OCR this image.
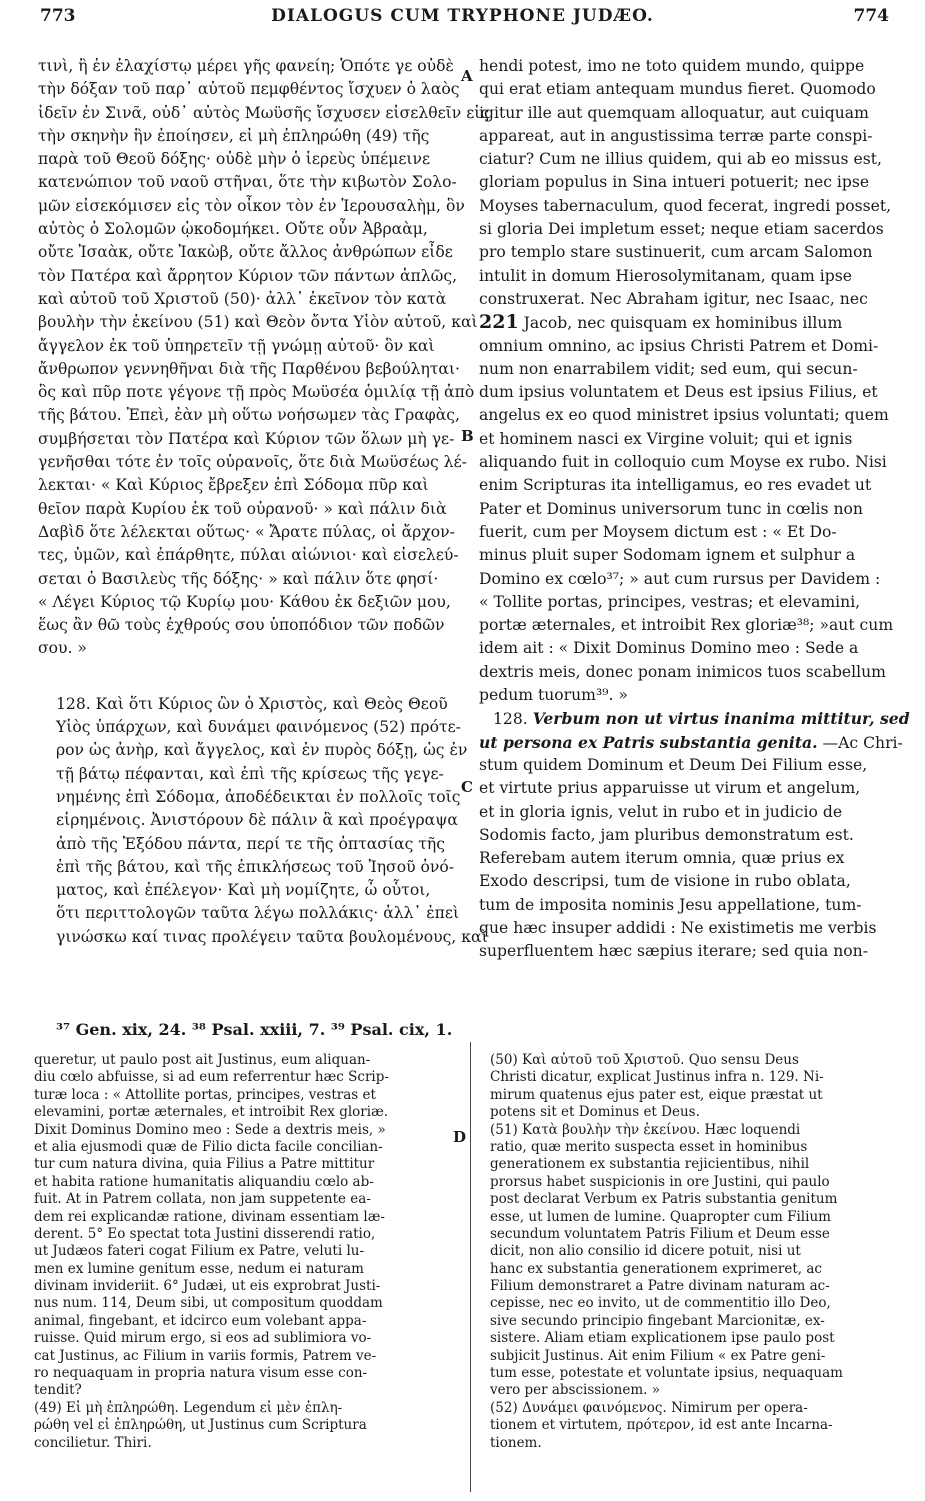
773	DIALOGUS CUM TRYPHONE JUDÆO.	774
A
B
C
D
τινὶ, ἢ ἐν ἐλαχίστῳ μέρει γῆς φανείη; Ὁπότε γε οὐδὲ
τὴν δόξαν τοῦ παρ᾽ αὐτοῦ πεμφθέντος ἴσχυεν ὁ λαὸς
ἰδεῖν ἐν Σινᾶ, οὐδ᾽ αὐτὸς Μωϋσῆς ἴσχυσεν εἰσελθεῖν εἰς
τὴν σκηνὴν ἣν ἐποίησεν, εἰ μὴ ἐπληρώθη (49) τῆς
παρὰ τοῦ Θεοῦ δόξης· οὐδὲ μὴν ὁ ἱερεὺς ὑπέμεινε
κατενώπιον τοῦ ναοῦ στῆναι, ὅτε τὴν κιβωτὸν Σολο-
μῶν εἰσεκόμισεν εἰς τὸν οἶκον τὸν ἐν Ἱερουσαλὴμ, ὃν
αὐτὸς ὁ Σολομῶν ᾠκοδομήκει. Οὔτε οὖν Ἀβραὰμ,
οὔτε Ἰσαὰκ, οὔτε Ἰακὼβ, οὔτε ἄλλος ἀνθρώπων εἶδε
τὸν Πατέρα καὶ ἄρρητον Κύριον τῶν πάντων ἁπλῶς,
καὶ αὐτοῦ τοῦ Χριστοῦ (50)· ἀλλ᾽ ἐκεῖνον τὸν κατὰ
βουλὴν τὴν ἐκείνου (51) καὶ Θεὸν ὄντα Υἱὸν αὐτοῦ, καὶ
ἄγγελον ἐκ τοῦ ὑπηρετεῖν τῇ γνώμῃ αὐτοῦ· ὃν καὶ
ἄνθρωπον γεννηθῆναι διὰ τῆς Παρθένου βεβούληται·
ὃς καὶ πῦρ ποτε γέγονε τῇ πρὸς Μωϋσέα ὁμιλίᾳ τῇ ἀπὸ
τῆς βάτου. Ἐπεὶ, ἐὰν μὴ οὕτω νοήσωμεν τὰς Γραφὰς,
συμβήσεται τὸν Πατέρα καὶ Κύριον τῶν ὅλων μὴ γε-
γενῆσθαι τότε ἐν τοῖς οὐρανοῖς, ὅτε διὰ Μωϋσέως λέ-
λεκται· « Καὶ Κύριος ἔβρεξεν ἐπὶ Σόδομα πῦρ καὶ
θεῖον παρὰ Κυρίου ἐκ τοῦ οὐρανοῦ· » καὶ πάλιν διὰ
Δαβὶδ ὅτε λέλεκται οὕτως· « Ἄρατε πύλας, οἱ ἄρχον-
τες, ὑμῶν, καὶ ἐπάρθητε, πύλαι αἰώνιοι· καὶ εἰσελεύ-
σεται ὁ Βασιλεὺς τῆς δόξης· » καὶ πάλιν ὅτε φησί·
« Λέγει Κύριος τῷ Κυρίῳ μου· Κάθου ἐκ δεξιῶν μου,
ἕως ἂν θῶ τοὺς ἐχθρούς σου ὑποπόδιον τῶν ποδῶν
σου. »
128. Καὶ ὅτι Κύριος ὢν ὁ Χριστὸς, καὶ Θεὸς Θεοῦ
Υἱὸς ὑπάρχων, καὶ δυνάμει φαινόμενος (52) πρότε-
ρον ὡς ἀνὴρ, καὶ ἄγγελος, καὶ ἐν πυρὸς δόξῃ, ὡς ἐν
τῇ βάτῳ πέφανται, καὶ ἐπὶ τῆς κρίσεως τῆς γεγε-
νημένης ἐπὶ Σόδομα, ἀποδέδεικται ἐν πολλοῖς τοῖς
εἰρημένοις. Ἀνιστόρουν δὲ πάλιν ἃ καὶ προέγραψα
ἀπὸ τῆς Ἐξόδου πάντα, περί τε τῆς ὀπτασίας τῆς
ἐπὶ τῆς βάτου, καὶ τῆς ἐπικλήσεως τοῦ Ἰησοῦ ὀνό-
ματος, καὶ ἐπέλεγον· Καὶ μὴ νομίζητε, ὦ οὗτοι,
ὅτι περιττολογῶν ταῦτα λέγω πολλάκις· ἀλλ᾽ ἐπεὶ
γινώσκω καί τινας προλέγειν ταῦτα βουλομένους, καὶ
hendi potest, imo ne toto quidem mundo, quippe
qui erat etiam antequam mundus fieret. Quomodo
igitur ille aut quemquam alloquatur, aut cuiquam
appareat, aut in angustissima terræ parte conspi-
ciatur? Cum ne illius quidem, qui ab eo missus est,
gloriam populus in Sina intueri potuerit; nec ipse
Moyses tabernaculum, quod fecerat, ingredi posset,
si gloria Dei impletum esset; neque etiam sacerdos
pro templo stare sustinuerit, cum arcam Salomon
intulit in domum Hierosolymitanam, quam ipse
construxerat. Nec Abraham igitur, nec Isaac, nec
221 Jacob, nec quisquam ex hominibus illum
omnium omnino, ac ipsius Christi Patrem et Domi-
num non enarrabilem vidit; sed eum, qui secun-
dum ipsius voluntatem et Deus est ipsius Filius, et
angelus ex eo quod ministret ipsius voluntati; quem
et hominem nasci ex Virgine voluit; qui et ignis
aliquando fuit in colloquio cum Moyse ex rubo. Nisi
enim Scripturas ita intelligamus, eo res evadet ut
Pater et Dominus universorum tunc in cœlis non
fuerit, cum per Moysem dictum est : « Et Do-
minus pluit super Sodomam ignem et sulphur a
Domino ex cœlo³⁷; » aut cum rursus per Davidem :
« Tollite portas, principes, vestras; et elevamini,
portæ æternales, et introibit Rex gloriæ³⁸; »aut cum
idem ait : « Dixit Dominus Domino meo : Sede a
dextris meis, donec ponam inimicos tuos scabellum
pedum tuorum³⁹. »
128. Verbum non ut virtus inanima mittitur, sed
ut persona ex Patris substantia genita. —Ac Chri-
stum quidem Dominum et Deum Dei Filium esse,
et virtute prius apparuisse ut virum et angelum,
et in gloria ignis, velut in rubo et in judicio de
Sodomis facto, jam pluribus demonstratum est.
Referebam autem iterum omnia, quæ prius ex
Exodo descripsi, tum de visione in rubo oblata,
tum de imposita nominis Jesu appellatione, tum-
que hæc insuper addidi : Ne existimetis me verbis
superfluentem hæc sæpius iterare; sed quia non-
³⁷ Gen. xix, 24. ³⁸ Psal. xxiii, 7. ³⁹ Psal. cix, 1.
queretur, ut paulo post ait Justinus, eum aliquan-
diu cœlo abfuisse, si ad eum referrentur hæc Scrip-
turæ loca : « Attollite portas, principes, vestras et
elevamini, portæ æternales, et introibit Rex gloriæ.
Dixit Dominus Domino meo : Sede a dextris meis, »
et alia ejusmodi quæ de Filio dicta facile concilian-
tur cum natura divina, quia Filius a Patre mittitur
et habita ratione humanitatis aliquandiu cœlo ab-
fuit. At in Patrem collata, non jam suppetente ea-
dem rei explicandæ ratione, divinam essentiam læ-
derent. 5° Eo spectat tota Justini disserendi ratio,
ut Judæos fateri cogat Filium ex Patre, veluti lu-
men ex lumine genitum esse, nedum ei naturam
divinam invideriit. 6° Judæi, ut eis exprobrat Justi-
nus num. 114, Deum sibi, ut compositum quoddam
animal, fingebant, et idcirco eum volebant appa-
ruisse. Quid mirum ergo, si eos ad sublimiora vo-
cat Justinus, ac Filium in variis formis, Patrem ve-
ro nequaquam in propria natura visum esse con-
tendit?
(49) Εἰ μὴ ἐπληρώθη. Legendum εἰ μὲν ἐπλη-
ρώθη vel εἰ ἐπληρώθη, ut Justinus cum Scriptura
concilietur. Thiri.
(50) Καὶ αὐτοῦ τοῦ Χριστοῦ. Quo sensu Deus
Christi dicatur, explicat Justinus infra n. 129. Ni-
mirum quatenus ejus pater est, eique præstat ut
potens sit et Dominus et Deus.
(51) Κατὰ βουλὴν τὴν ἐκείνου. Hæc loquendi
ratio, quæ merito suspecta esset in hominibus
generationem ex substantia rejicientibus, nihil
prorsus habet suspicionis in ore Justini, qui paulo
post declarat Verbum ex Patris substantia genitum
esse, ut lumen de lumine. Quapropter cum Filium
secundum voluntatem Patris Filium et Deum esse
dicit, non alio consilio id dicere potuit, nisi ut
hanc ex substantia generationem exprimeret, ac
Filium demonstraret a Patre divinam naturam ac-
cepisse, nec eo invito, ut de commentitio illo Deo,
sive secundo principio fingebant Marcionitæ, ex-
sistere. Aliam etiam explicationem ipse paulo post
subjicit Justinus. Ait enim Filium « ex Patre geni-
tum esse, potestate et voluntate ipsius, nequaquam
vero per abscissionem. »
(52) Δυνάμει φαινόμενος. Nimirum per opera-
tionem et virtutem, πρότερον, id est ante Incarna-
tionem.
